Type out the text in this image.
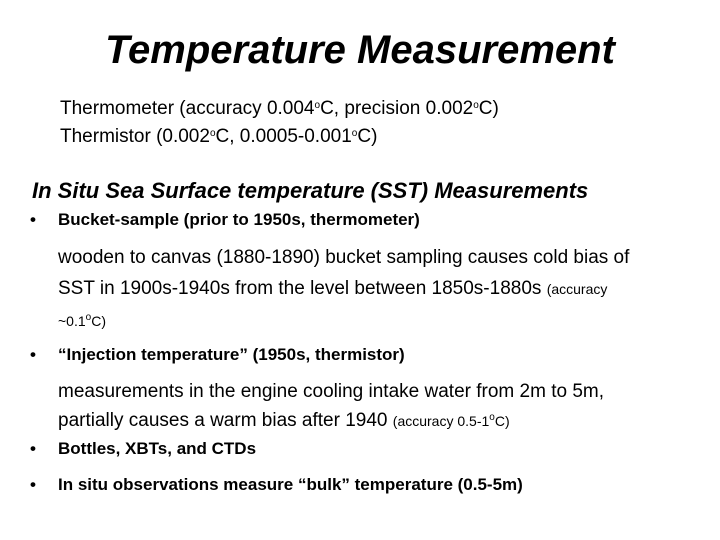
Temperature Measurement
Thermometer (accuracy 0.004$^o$C, precision 0.002$^o$C)
Thermistor (0.002$^o$C, 0.0005-0.001$^o$C)
In Situ Sea Surface temperature (SST) Measurements
• Bucket-sample (prior to 1950s, thermometer)
wooden to canvas (1880-1890) bucket sampling causes cold bias of
SST in 1900s-1940s from the level between 1850s-1880s (accuracy
~0.1$^o$C)
• “Injection temperature” (1950s, thermistor)
measurements in the engine cooling intake water from 2m to 5m,
partially causes a warm bias after 1940 (accuracy 0.5-1$^o$C)
• Bottles, XBTs, and CTDs
• In situ observations measure “bulk” temperature (0.5-5m)
